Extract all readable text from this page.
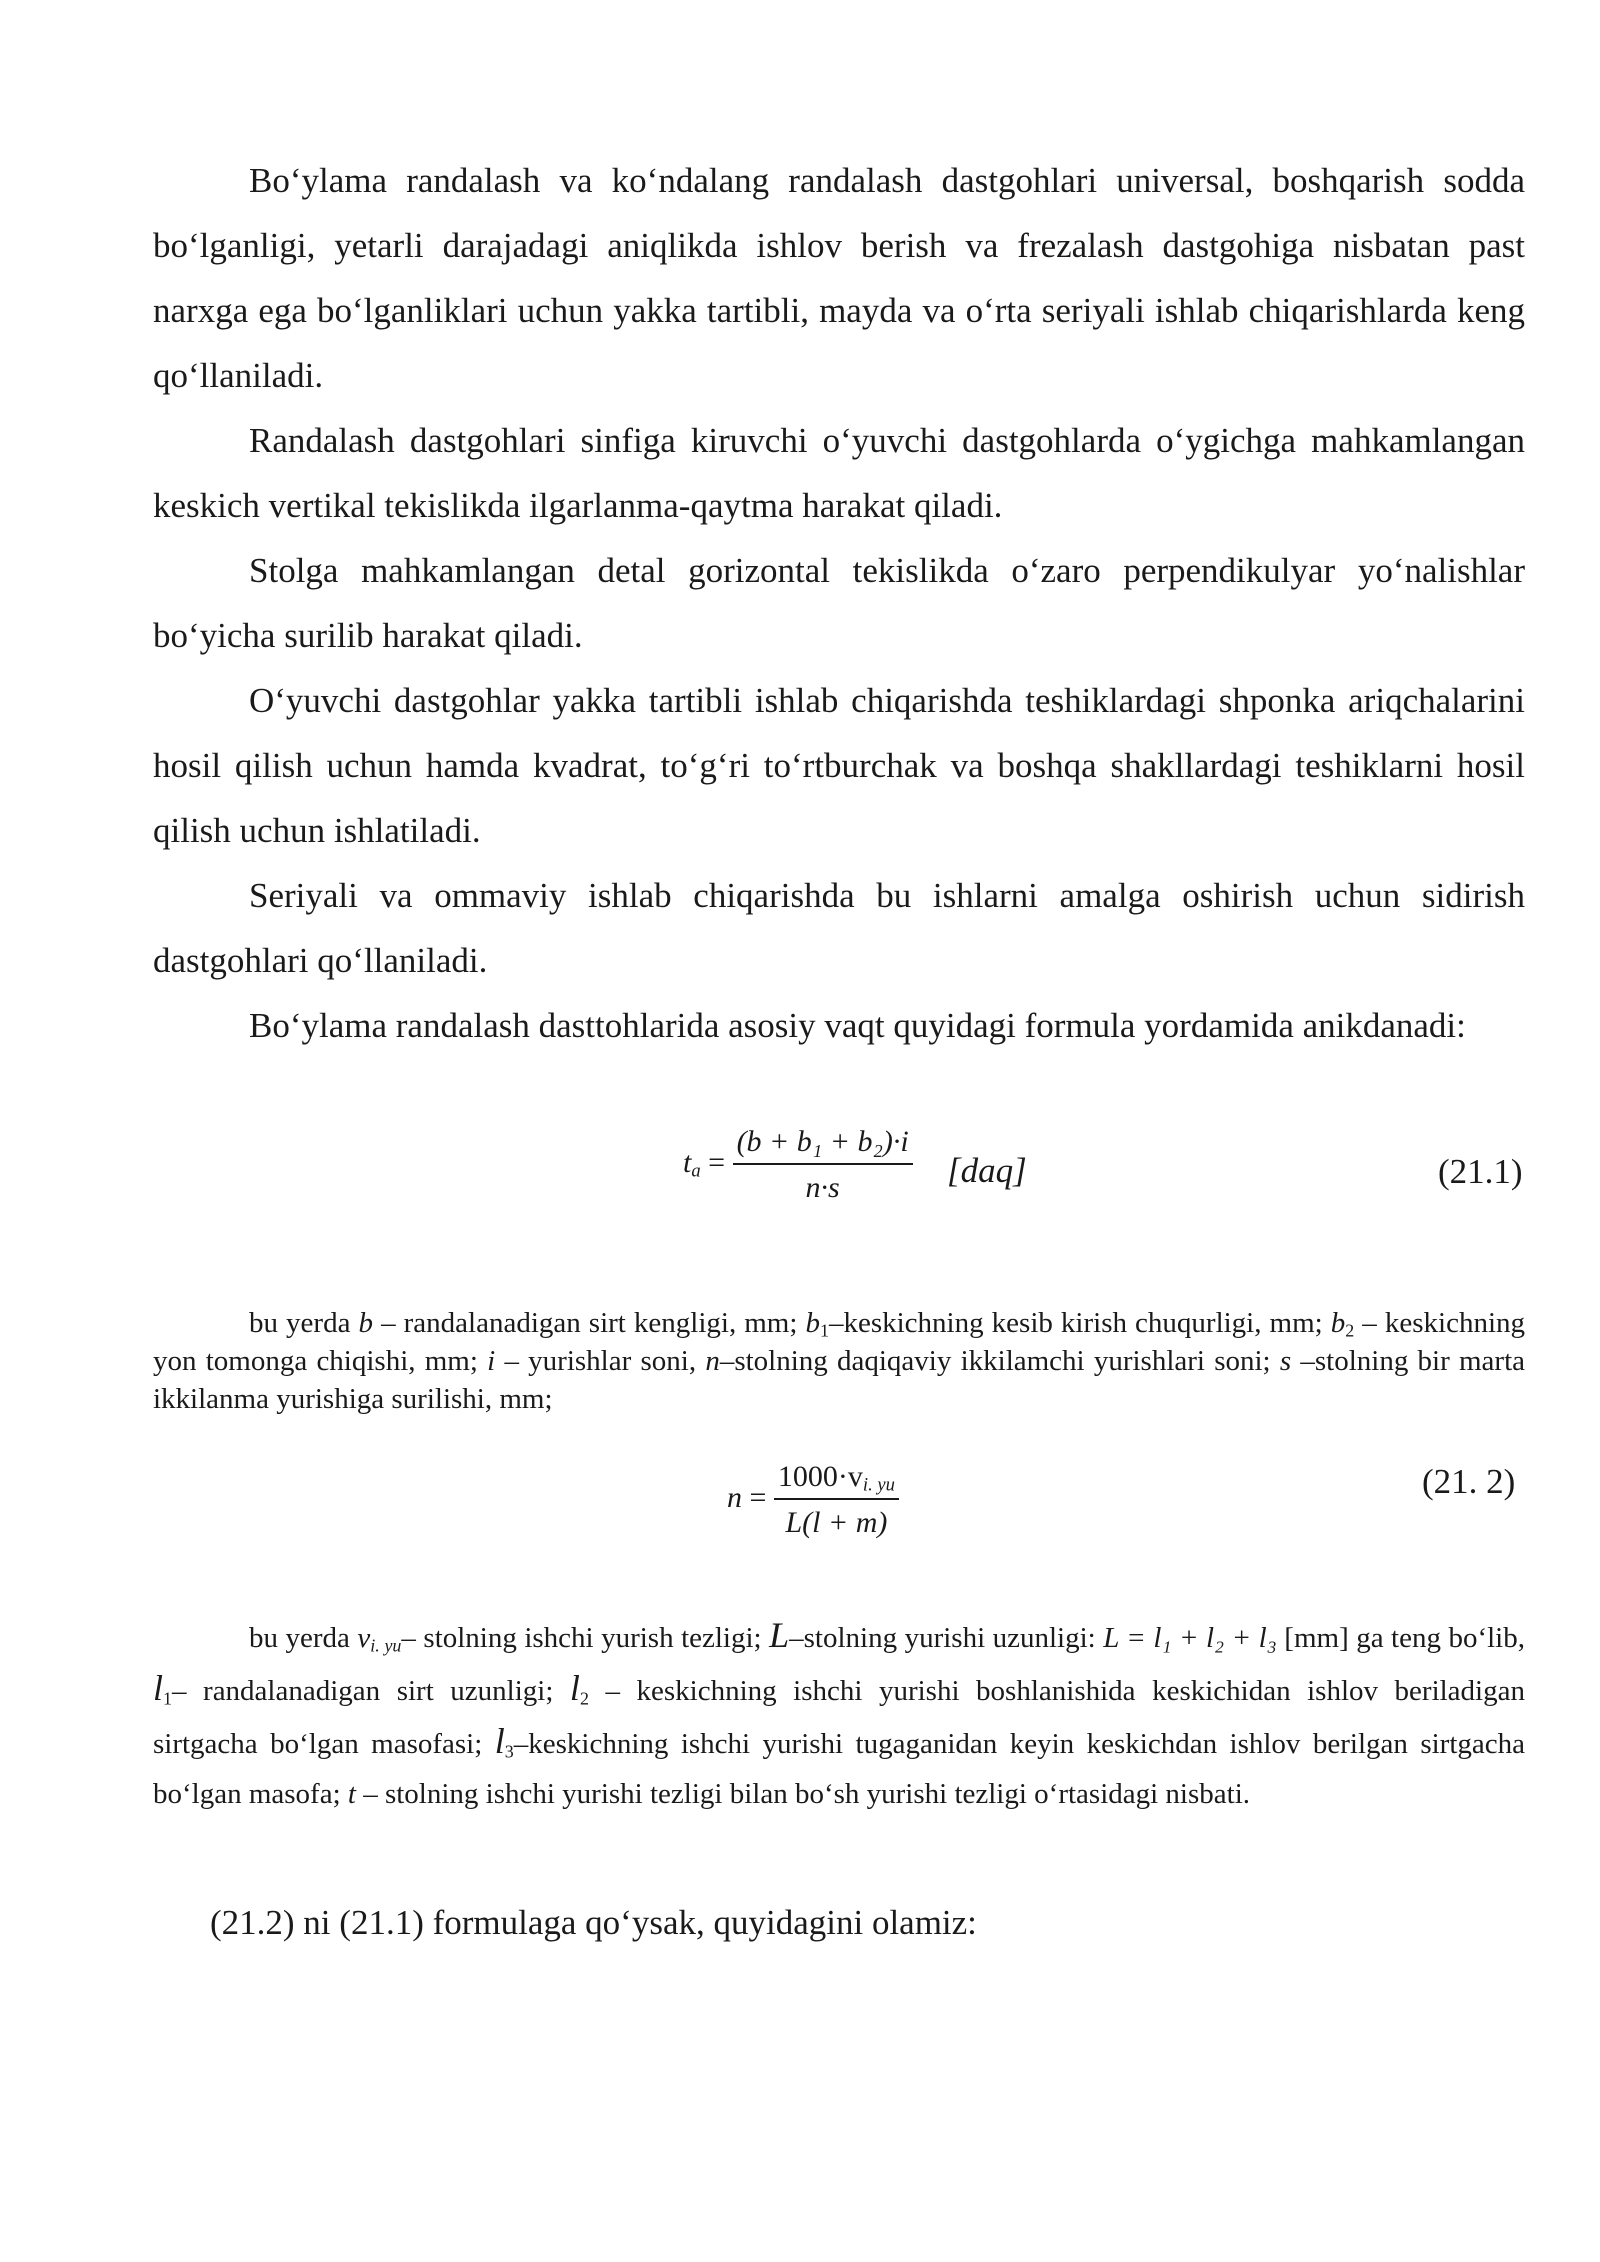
Bo‘ylama randalash va ko‘ndalang randalash dastgohlari universal, boshqarish sodda bo‘lganligi, yetarli darajadagi aniqlikda ishlov berish va frezalash dastgohiga nisbatan past narxga ega bo‘lganliklari uchun yakka tartibli, mayda va o‘rta seriyali ishlab chiqarishlarda keng qo‘llaniladi.

Randalash dastgohlari sinfiga kiruvchi o‘yuvchi dastgohlarda o‘ygichga mahkamlangan keskich vertikal tekislikda ilgarlanma-qaytma harakat qiladi.

Stolga mahkamlangan detal gorizontal tekislikda o‘zaro perpendikulyar yo‘nalishlar bo‘yicha surilib harakat qiladi.

O‘yuvchi dastgohlar yakka tartibli ishlab chiqarishda teshiklardagi shponka ariqchalarini hosil qilish uchun hamda kvadrat, to‘g‘ri to‘rtburchak va boshqa shakllardagi teshiklarni hosil qilish uchun ishlatiladi.

Seriyali va ommaviy ishlab chiqarishda bu ishlarni amalga oshirish uchun sidirish dastgohlari qo‘llaniladi.

Bo‘ylama randalash dasttohlarida asosiy vaqt quyidagi formula yordamida anikdanadi:

$t_a = \frac{\text{(b + b₁ + b₂)·i}}{n\cdot s} [daq]$	(21.1)

bu yerda b – randalanadigan sirt kengligi, mm; $b_1$–keskichning kesib kirish chuqurligi, mm; $b_2$ – keskichning yon tomonga chiqishi, mm; i – yurishlar soni, n–stolning daqiqaviy ikkilamchi yurishlari soni; s –stolning bir marta ikkilanma yurishiga surilishi, mm;

$n = \frac{1000\cdot v_{i. yu}}{L(l + m)}$	(21. 2)

bu yerda $v_{i. yu}-$ stolning ishchi yurish tezligi; L–stolning yurishi uzunligi: L = l₁ + l₂ + l₃ [mm] ga teng bo‘lib, $l_1-$ randalanadigan sirt uzunligi; $l_2$ – keskichning ishchi yurishi boshlanishida keskichidan ishlov beriladigan sirtgacha bo‘lgan masofasi; $l_3$–keskichning ishchi yurishi tugaganidan keyin keskichdan ishlov berilgan sirtgacha bo‘lgan masofa; t – stolning ishchi yurishi tezligi bilan bo‘sh yurishi tezligi o‘rtasidagi nisbati.

(21.2) ni (21.1) formulaga qo‘ysak, quyidagini olamiz:
